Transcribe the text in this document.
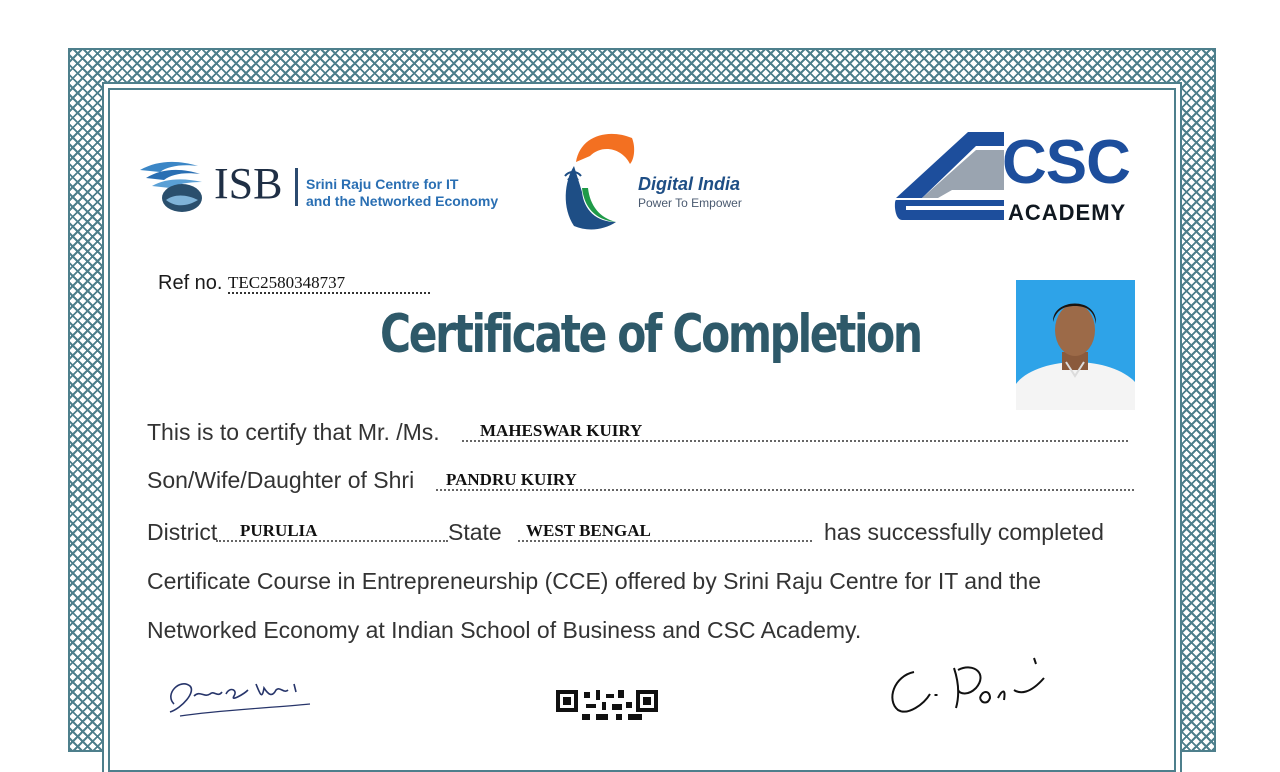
ISB Srini Raju Centre for IT
and the Networked Economy
Digital India
Power To Empower
CSC
ACADEMY
Ref no. TEC2580348737
Certificate of Completion
This is to certify that Mr. /Ms. MAHESWAR KUIRY
Son/Wife/Daughter of Shri PANDRU KUIRY
District PURULIA	State WEST BENGAL	has successfully completed
Certificate Course in Entrepreneurship (CCE) offered by Srini Raju Centre for IT and the
Networked Economy at Indian School of Business and CSC Academy.
